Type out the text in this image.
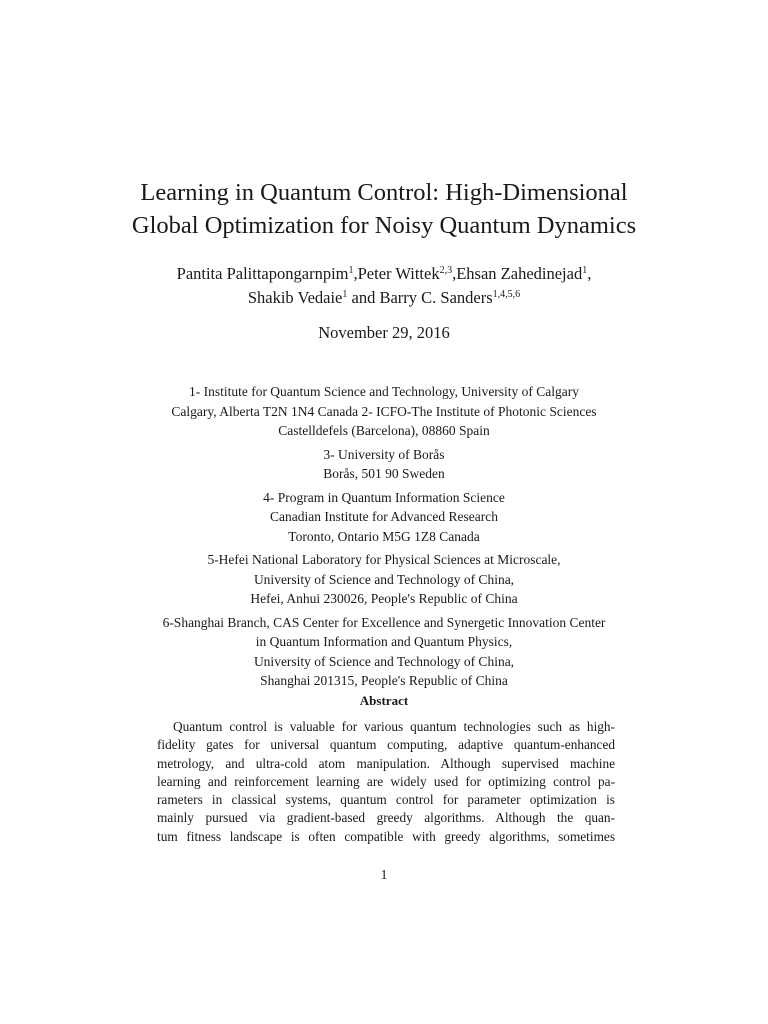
Learning in Quantum Control: High-Dimensional
Global Optimization for Noisy Quantum Dynamics
Pantita Palittapongarnpim$^1$,Peter Wittek$^{2,3}$,Ehsan Zahedinejad$^1$,
Shakib Vedaie$^1$ and Barry C. Sanders$^{1,4,5,6}$
November 29, 2016
1- Institute for Quantum Science and Technology, University of Calgary
Calgary, Alberta T2N 1N4 Canada 2- ICFO-The Institute of Photonic Sciences
Castelldefels (Barcelona), 08860 Spain
3- University of Borås
Borås, 501 90 Sweden
4- Program in Quantum Information Science
Canadian Institute for Advanced Research
Toronto, Ontario M5G 1Z8 Canada
5-Hefei National Laboratory for Physical Sciences at Microscale,
University of Science and Technology of China,
Hefei, Anhui 230026, People's Republic of China
6-Shanghai Branch, CAS Center for Excellence and Synergetic Innovation Center
in Quantum Information and Quantum Physics,
University of Science and Technology of China,
Shanghai 201315, People's Republic of China
Abstract
Quantum control is valuable for various quantum technologies such as high-
fidelity gates for universal quantum computing, adaptive quantum-enhanced
metrology, and ultra-cold atom manipulation. Although supervised machine
learning and reinforcement learning are widely used for optimizing control pa-
rameters in classical systems, quantum control for parameter optimization is
mainly pursued via gradient-based greedy algorithms. Although the quan-
tum fitness landscape is often compatible with greedy algorithms, sometimes
1
